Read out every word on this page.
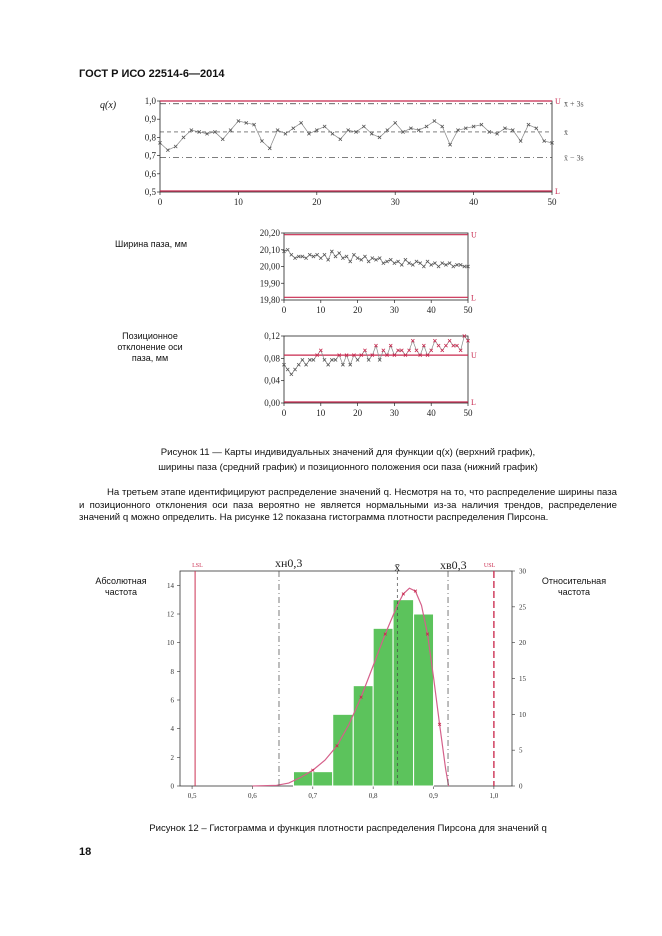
ГОСТ Р ИСО 22514-6—2014
q(x)
0,5
0,6
0,7
0,8
0,9
1,0
0	10	20	30	40	50
U
L
x̄ + 3s
x̄
x̄ − 3s
Ширина паза, мм
19,80
19,90
20,00
20,10
20,20
0	10	20	30	40	50
U
L
Позиционное
отклонение оси
паза, мм
0,00
0,04
0,08
0,12
0	10	20	30	40	50
U
L
Рисунок 11 — Карты индивидуальных значений для функции q(x) (верхний график),
ширины паза (средний график) и позиционного положения оси паза (нижний график)

На третьем этапе идентифицируют распределение значений q. Несмотря на то, что распределение ширины паза и позиционного отклонения оси паза вероятно не является нормальными из-за наличия трендов, распределение значений q можно определить. На рисунке 12 показана гистограмма плотности распределения Пирсона.

Абсолютная
частота
Относительная
частота
0
2
4
6
8
10
12
14
0
5
10
15
20
25
30
0,5	0,6	0,7	0,8	0,9	1,0
LSL	USL
xн0,3	x̄	xв0,3
Рисунок 12 – Гистограмма и функция плотности распределения Пирсона для значений q
18
